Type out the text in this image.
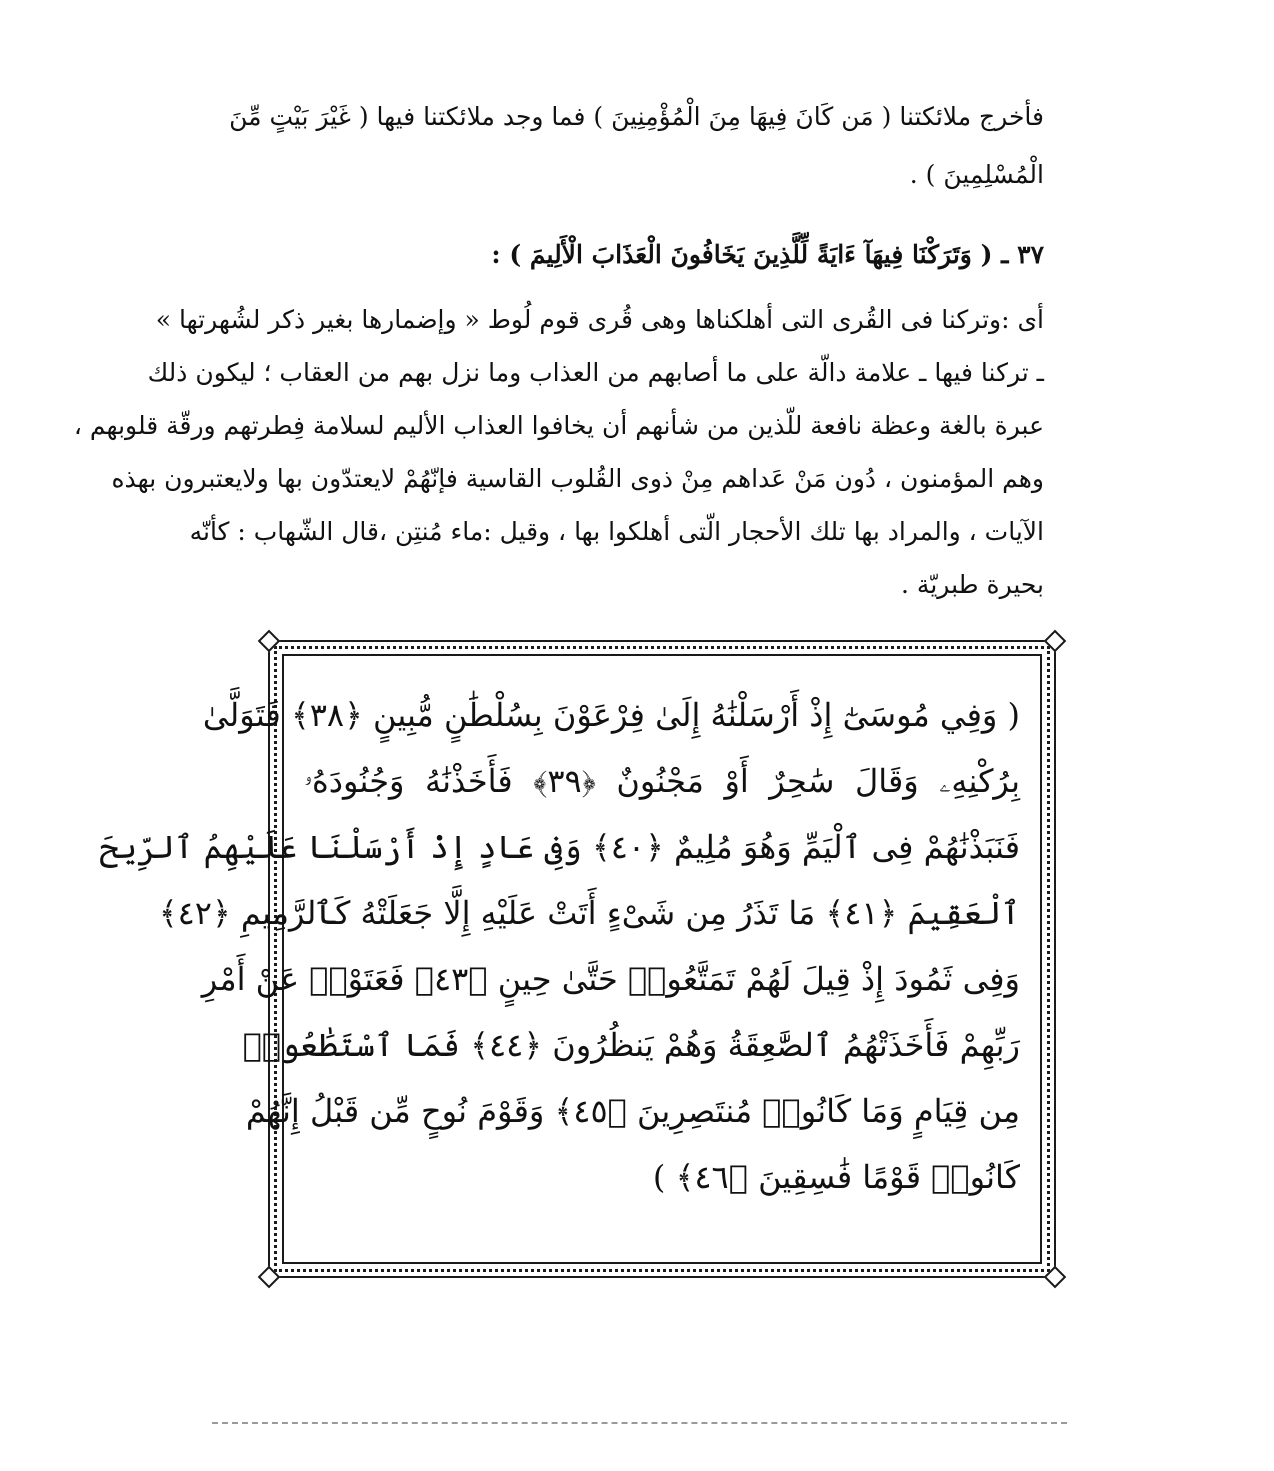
فأخرج ملائكتنا ( مَن كَانَ فِيهَا مِنَ الْمُؤْمِنِينَ ) فما وجد ملائكتنا فيها ( غَيْرَ بَيْتٍ مِّنَ
الْمُسْلِمِينَ ) .
٣٧ ـ ( وَتَرَكْنَا فِيهَآ ءَايَةً لِّلَّذِينَ يَخَافُونَ الْعَذَابَ الْأَلِيمَ ) :
أى :وتركنا فى القُرى التى أهلكناها وهى قُرى قوم لُوط « وإضمارها بغير ذكر لشُهرتها »
ـ تركنا فيها ـ علامة دالّة على ما أصابهم من العذاب وما نزل بهم من العقاب ؛ ليكون ذلك
عبرة بالغة وعظة نافعة للّذين من شأنهم أن يخافوا العذاب الأليم لسلامة فِطرتهم ورقّة قلوبهم ،
وهم المؤمنون ، دُون مَنْ عَداهم مِنْ ذوى القُلوب القاسية فإنّهُمْ لايعتدّون بها ولايعتبرون بهذه
الآيات ، والمراد بها تلك الأحجار الّتى أهلكوا بها ، وقيل :ماء مُنتِن ،قال الشّهاب : كأنّه
بحيرة طبريّة .
( وَفِي مُوسَىٰٓ إِذْ أَرْسَلْنَٰهُ إِلَىٰ فِرْعَوْنَ بِسُلْطَٰنٍ مُّبِينٍ ﴿٣٨﴾ فَتَوَلَّىٰ
بِرُكْنِهِۦ وَقَالَ سَٰحِرٌ أَوْ مَجْنُونٌ ﴿٣٩﴾ فَأَخَذْنَٰهُ وَجُنُودَهُۥ
فَنَبَذْنَٰهُمْ فِى ٱلْيَمِّ وَهُوَ مُلِيمٌ ﴿٤٠﴾ وَفِى عَادٍ إِذْ أَرْسَلْنَا عَلَيْهِمُ ٱلرِّيحَ
ٱلْعَقِيمَ ﴿٤١﴾ مَا تَذَرُ مِن شَىْءٍ أَتَتْ عَلَيْهِ إِلَّا جَعَلَتْهُ كَٱلرَّمِيمِ ﴿٤٢﴾
وَفِى ثَمُودَ إِذْ قِيلَ لَهُمْ تَمَتَّعُوا۟ حَتَّىٰ حِينٍ ﴿٤٣﴾ فَعَتَوْا۟ عَنْ أَمْرِ
رَبِّهِمْ فَأَخَذَتْهُمُ ٱلصَّٰعِقَةُ وَهُمْ يَنظُرُونَ ﴿٤٤﴾ فَمَا ٱسْتَطَٰعُوا۟
مِن قِيَامٍ وَمَا كَانُوا۟ مُنتَصِرِينَ ﴿٤٥﴾ وَقَوْمَ نُوحٍ مِّن قَبْلُ إِنَّهُمْ
كَانُوا۟ قَوْمًا فَٰسِقِينَ ﴿٤٦﴾ )
